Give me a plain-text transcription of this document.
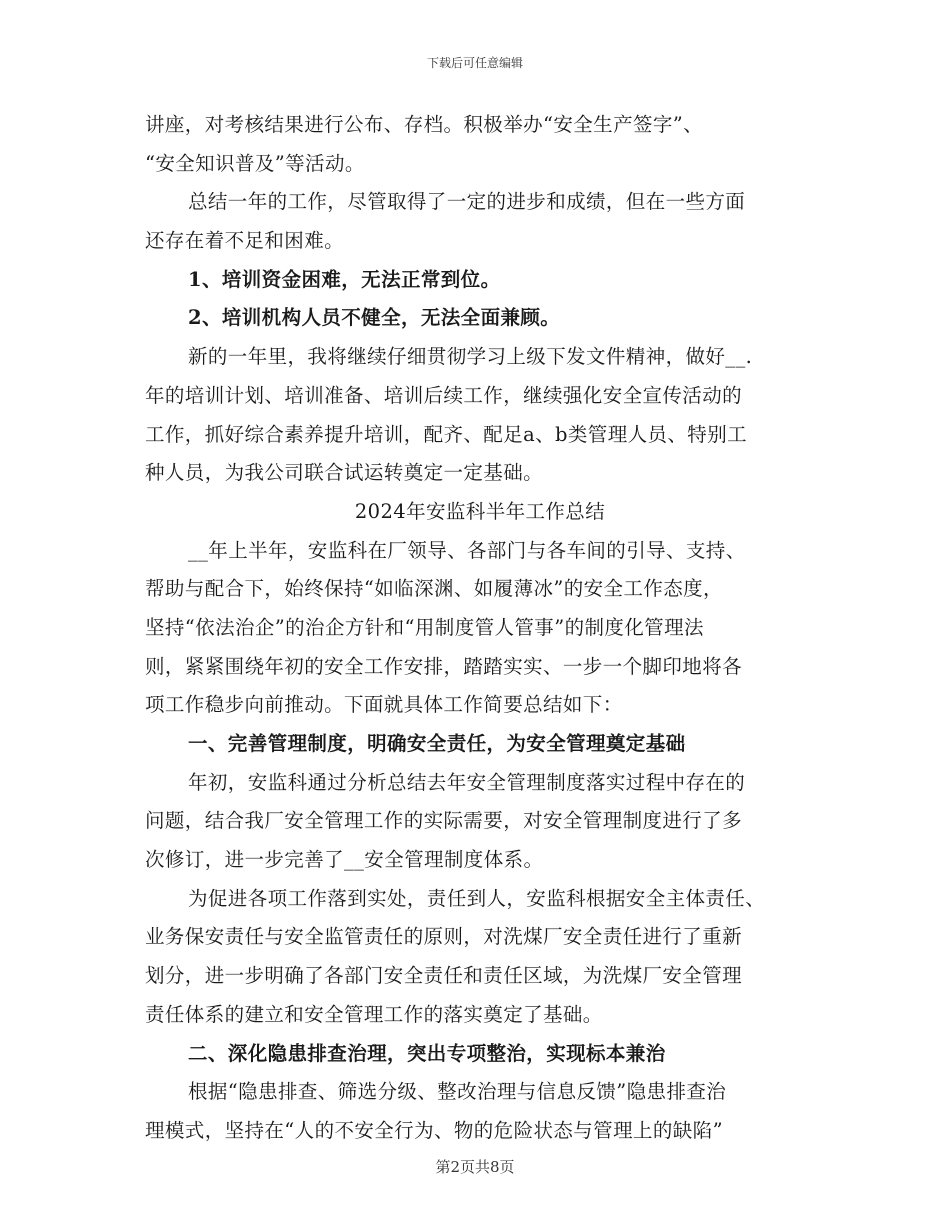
下载后可任意编辑
讲座，对考核结果进行公布、存档。积极举办“安全生产签字”、
“安全知识普及”等活动。
总结一年的工作，尽管取得了一定的进步和成绩，但在一些方面
还存在着不足和困难。
1、培训资金困难，无法正常到位。
2、培训机构人员不健全，无法全面兼顾。
新的一年里，我将继续仔细贯彻学习上级下发文件精神，做好__.
年的培训计划、培训准备、培训后续工作，继续强化安全宣传活动的
工作，抓好综合素养提升培训，配齐、配足a、b类管理人员、特别工
种人员，为我公司联合试运转奠定一定基础。
2024年安监科半年工作总结
__年上半年，安监科在厂领导、各部门与各车间的引导、支持、
帮助与配合下，始终保持“如临深渊、如履薄冰”的安全工作态度，
坚持“依法治企”的治企方针和“用制度管人管事”的制度化管理法
则，紧紧围绕年初的安全工作安排，踏踏实实、一步一个脚印地将各
项工作稳步向前推动。下面就具体工作简要总结如下：
一、完善管理制度，明确安全责任，为安全管理奠定基础
年初，安监科通过分析总结去年安全管理制度落实过程中存在的
问题，结合我厂安全管理工作的实际需要，对安全管理制度进行了多
次修订，进一步完善了__安全管理制度体系。
为促进各项工作落到实处，责任到人，安监科根据安全主体责任、
业务保安责任与安全监管责任的原则，对洗煤厂安全责任进行了重新
划分，进一步明确了各部门安全责任和责任区域，为洗煤厂安全管理
责任体系的建立和安全管理工作的落实奠定了基础。
二、深化隐患排查治理，突出专项整治，实现标本兼治
根据“隐患排查、筛选分级、整改治理与信息反馈”隐患排查治
理模式，坚持在“人的不安全行为、物的危险状态与管理上的缺陷”
第2页共8页
